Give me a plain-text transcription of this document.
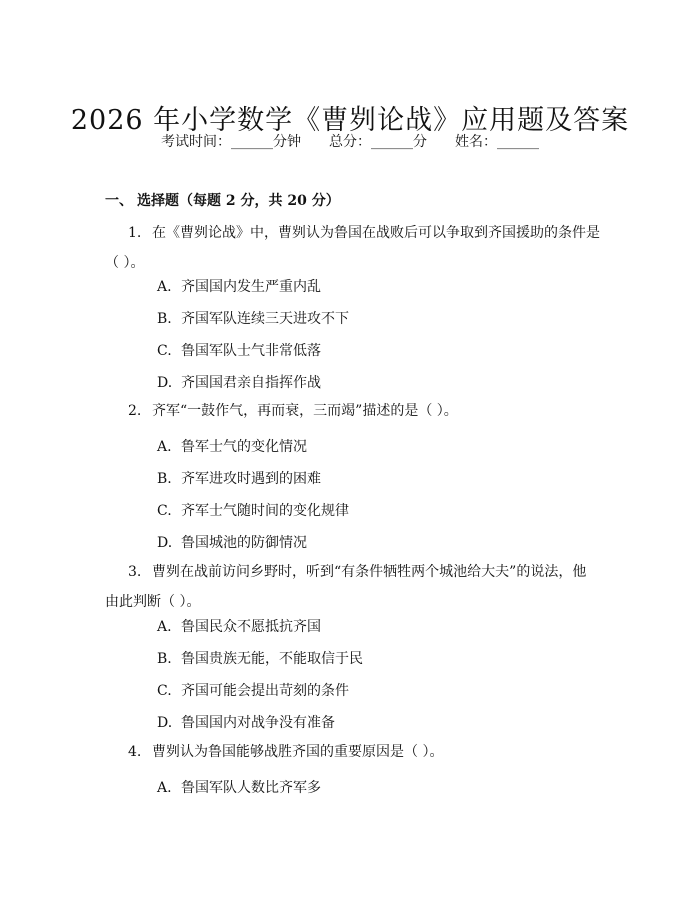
2026 年小学数学《曹刿论战》应用题及答案
考试时间：______分钟 总分：______分 姓名：______
一、 选择题（每题 2 分，共 20 分）
1. 在《曹刿论战》中，曹刿认为鲁国在战败后可以争取到齐国援助的条件是（ ）。
A. 齐国国内发生严重内乱
B. 齐国军队连续三天进攻不下
C. 鲁国军队士气非常低落
D. 齐国国君亲自指挥作战
2. 齐军“一鼓作气，再而衰，三而竭”描述的是（ ）。
A. 鲁军士气的变化情况
B. 齐军进攻时遇到的困难
C. 齐军士气随时间的变化规律
D. 鲁国城池的防御情况
3. 曹刿在战前访问乡野时，听到“有条件牺牲两个城池给大夫”的说法，他由此判断（ ）。
A. 鲁国民众不愿抵抗齐国
B. 鲁国贵族无能，不能取信于民
C. 齐国可能会提出苛刻的条件
D. 鲁国国内对战争没有准备
4. 曹刿认为鲁国能够战胜齐国的重要原因是（ ）。
A. 鲁国军队人数比齐军多
